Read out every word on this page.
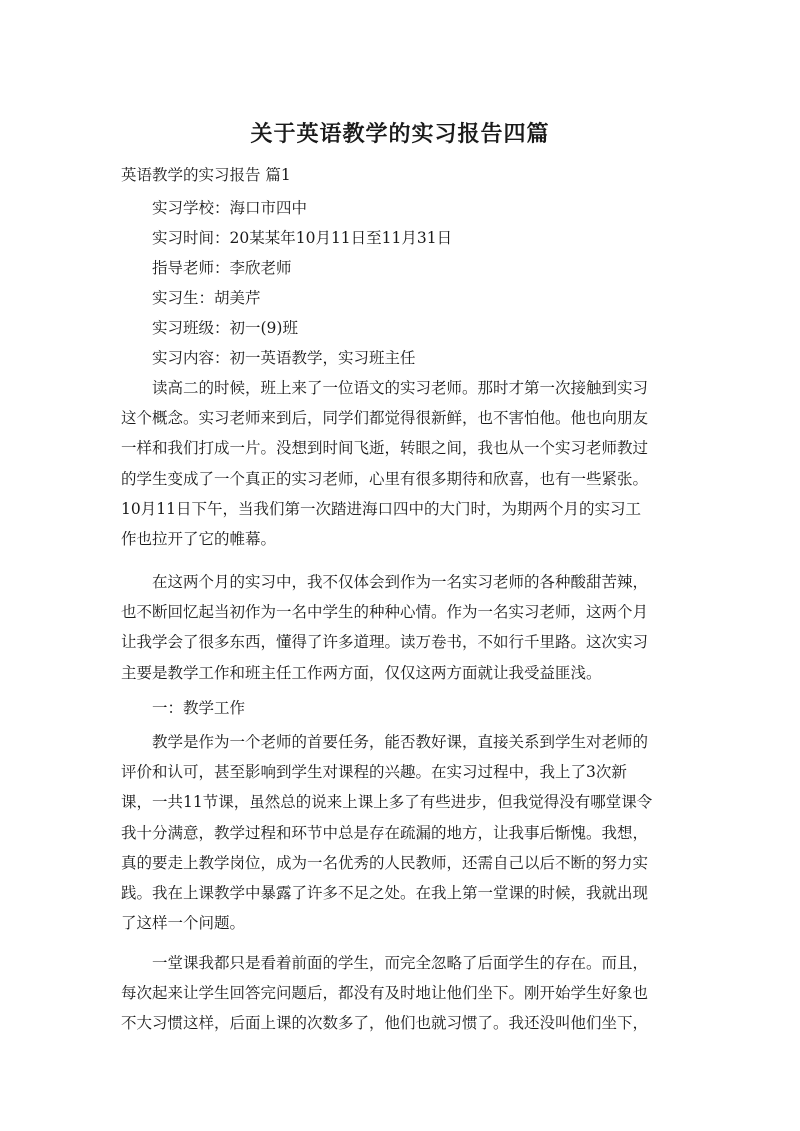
关于英语教学的实习报告四篇
英语教学的实习报告 篇1
实习学校：海口市四中
实习时间：20某某年10月11日至11月31日
指导老师：李欣老师
实习生：胡美芹
实习班级：初一(9)班
实习内容：初一英语教学，实习班主任
读高二的时候，班上来了一位语文的实习老师。那时才第一次接触到实习
这个概念。实习老师来到后，同学们都觉得很新鲜，也不害怕他。他也向朋友
一样和我们打成一片。没想到时间飞逝，转眼之间，我也从一个实习老师教过
的学生变成了一个真正的实习老师，心里有很多期待和欣喜，也有一些紧张。
10月11日下午，当我们第一次踏进海口四中的大门时，为期两个月的实习工
作也拉开了它的帷幕。
在这两个月的实习中，我不仅体会到作为一名实习老师的各种酸甜苦辣，
也不断回忆起当初作为一名中学生的种种心情。作为一名实习老师，这两个月
让我学会了很多东西，懂得了许多道理。读万卷书，不如行千里路。这次实习
主要是教学工作和班主任工作两方面，仅仅这两方面就让我受益匪浅。
一：教学工作
教学是作为一个老师的首要任务，能否教好课，直接关系到学生对老师的
评价和认可，甚至影响到学生对课程的兴趣。在实习过程中，我上了3次新
课，一共11节课，虽然总的说来上课上多了有些进步，但我觉得没有哪堂课令
我十分满意，教学过程和环节中总是存在疏漏的地方，让我事后惭愧。我想，
真的要走上教学岗位，成为一名优秀的人民教师，还需自己以后不断的努力实
践。我在上课教学中暴露了许多不足之处。在我上第一堂课的时候，我就出现
了这样一个问题。
一堂课我都只是看着前面的学生，而完全忽略了后面学生的存在。而且，
每次起来让学生回答完问题后，都没有及时地让他们坐下。刚开始学生好象也
不大习惯这样，后面上课的次数多了，他们也就习惯了。我还没叫他们坐下，
